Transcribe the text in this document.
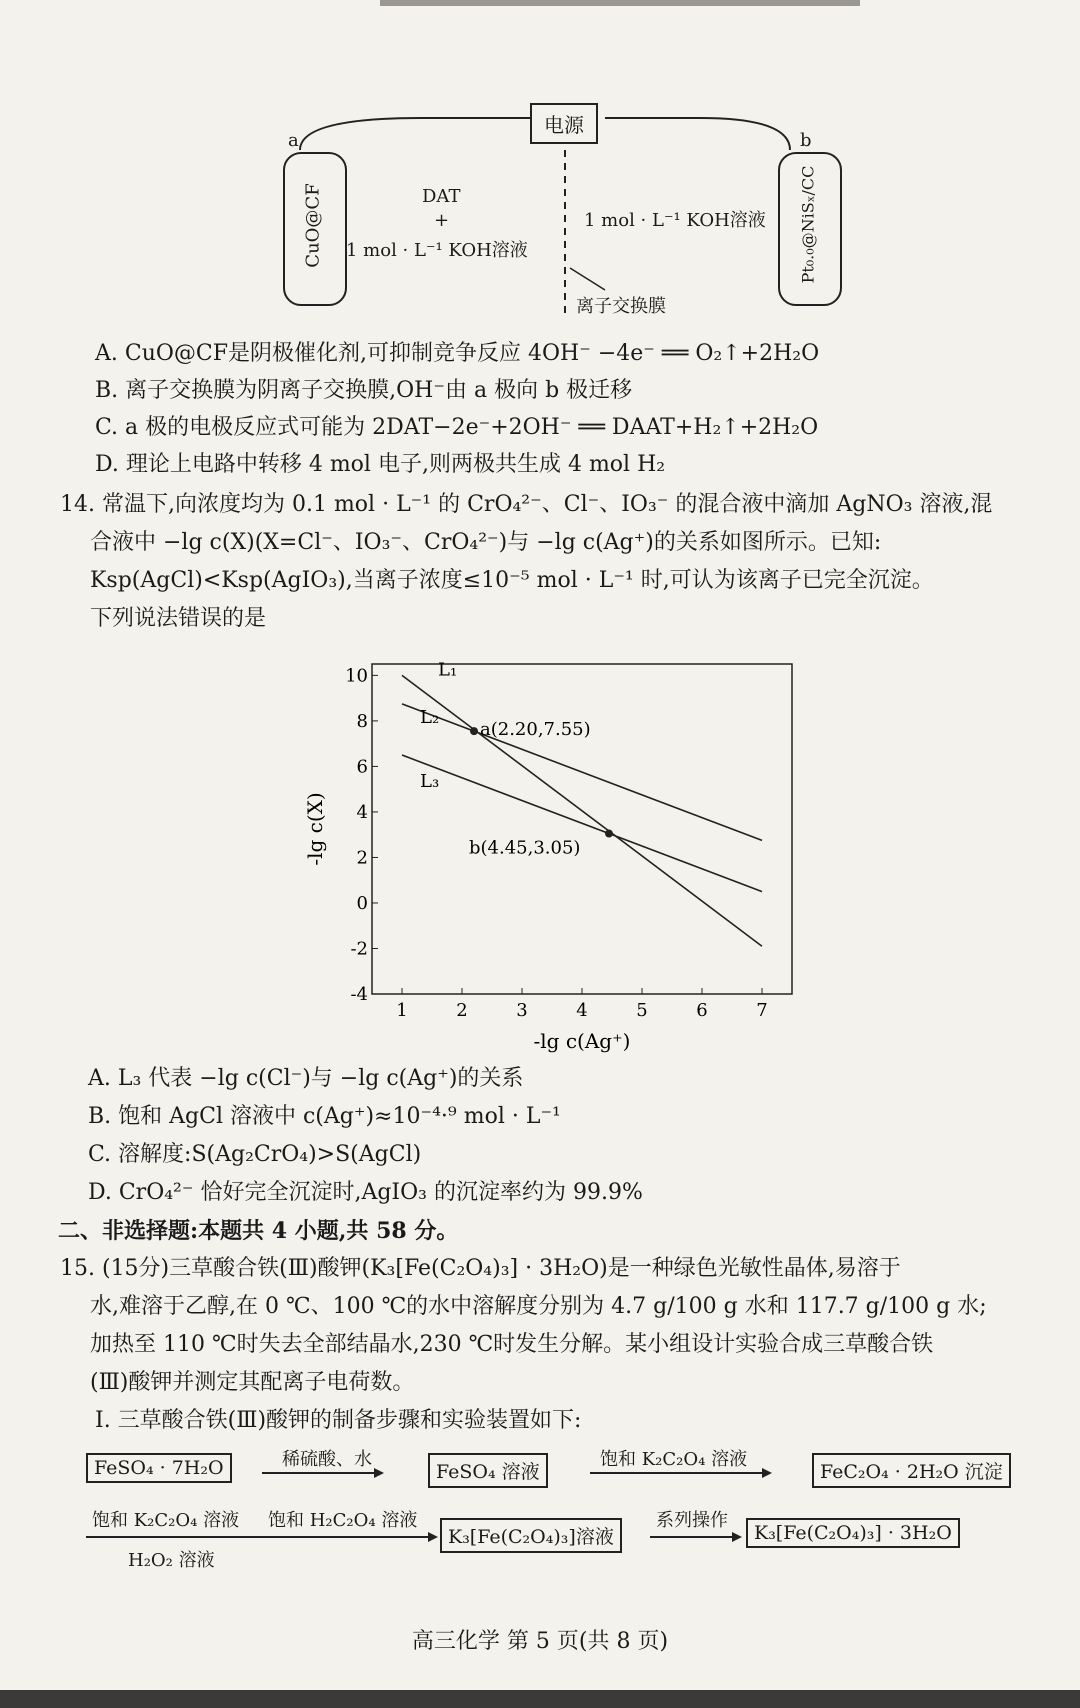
电源
a	b
CuO@CF	Pt₀.₀@NiSₓ/CC
DAT
+
1 mol · L⁻¹ KOH溶液
1 mol · L⁻¹ KOH溶液
离子交换膜
A. CuO@CF是阴极催化剂,可抑制竞争反应 4OH⁻ −4e⁻ ══ O₂↑+2H₂O
B. 离子交换膜为阴离子交换膜,OH⁻由 a 极向 b 极迁移
C. a 极的电极反应式可能为 2DAT−2e⁻+2OH⁻ ══ DAAT+H₂↑+2H₂O
D. 理论上电路中转移 4 mol 电子,则两极共生成 4 mol H₂
14. 常温下,向浓度均为 0.1 mol · L⁻¹ 的 CrO₄²⁻、Cl⁻、IO₃⁻ 的混合液中滴加 AgNO₃ 溶液,混
合液中 −lg c(X)(X=Cl⁻、IO₃⁻、CrO₄²⁻)与 −lg c(Ag⁺)的关系如图所示。已知:
Ksp(AgCl)<Ksp(AgIO₃),当离子浓度≤10⁻⁵ mol · L⁻¹ 时,可认为该离子已完全沉淀。
下列说法错误的是
1	2	3	4	5	6	7
-4
-2
0
2
4
6
8
10	L₁
L₂
L₃
a(2.20,7.55)
b(4.45,3.05)
-lg c(Ag⁺)
-lg c(X)
A. L₃ 代表 −lg c(Cl⁻)与 −lg c(Ag⁺)的关系
B. 饱和 AgCl 溶液中 c(Ag⁺)≈10⁻⁴·⁹ mol · L⁻¹
C. 溶解度:S(Ag₂CrO₄)>S(AgCl)
D. CrO₄²⁻ 恰好完全沉淀时,AgIO₃ 的沉淀率约为 99.9%
二、非选择题:本题共 4 小题,共 58 分。
15. (15分)三草酸合铁(Ⅲ)酸钾(K₃[Fe(C₂O₄)₃] · 3H₂O)是一种绿色光敏性晶体,易溶于
水,难溶于乙醇,在 0 ℃、100 ℃的水中溶解度分别为 4.7 g/100 g 水和 117.7 g/100 g 水;
加热至 110 ℃时失去全部结晶水,230 ℃时发生分解。某小组设计实验合成三草酸合铁
(Ⅲ)酸钾并测定其配离子电荷数。
Ⅰ. 三草酸合铁(Ⅲ)酸钾的制备步骤和实验装置如下:
FeSO₄ · 7H₂O	稀硫酸、水
FeSO₄ 溶液
饱和 K₂C₂O₄ 溶液
FeC₂O₄ · 2H₂O 沉淀
饱和 K₂C₂O₄ 溶液
H₂O₂ 溶液
饱和 H₂C₂O₄ 溶液
K₃[Fe(C₂O₄)₃]溶液
系列操作
K₃[Fe(C₂O₄)₃] · 3H₂O
高三化学 第 5 页(共 8 页)
